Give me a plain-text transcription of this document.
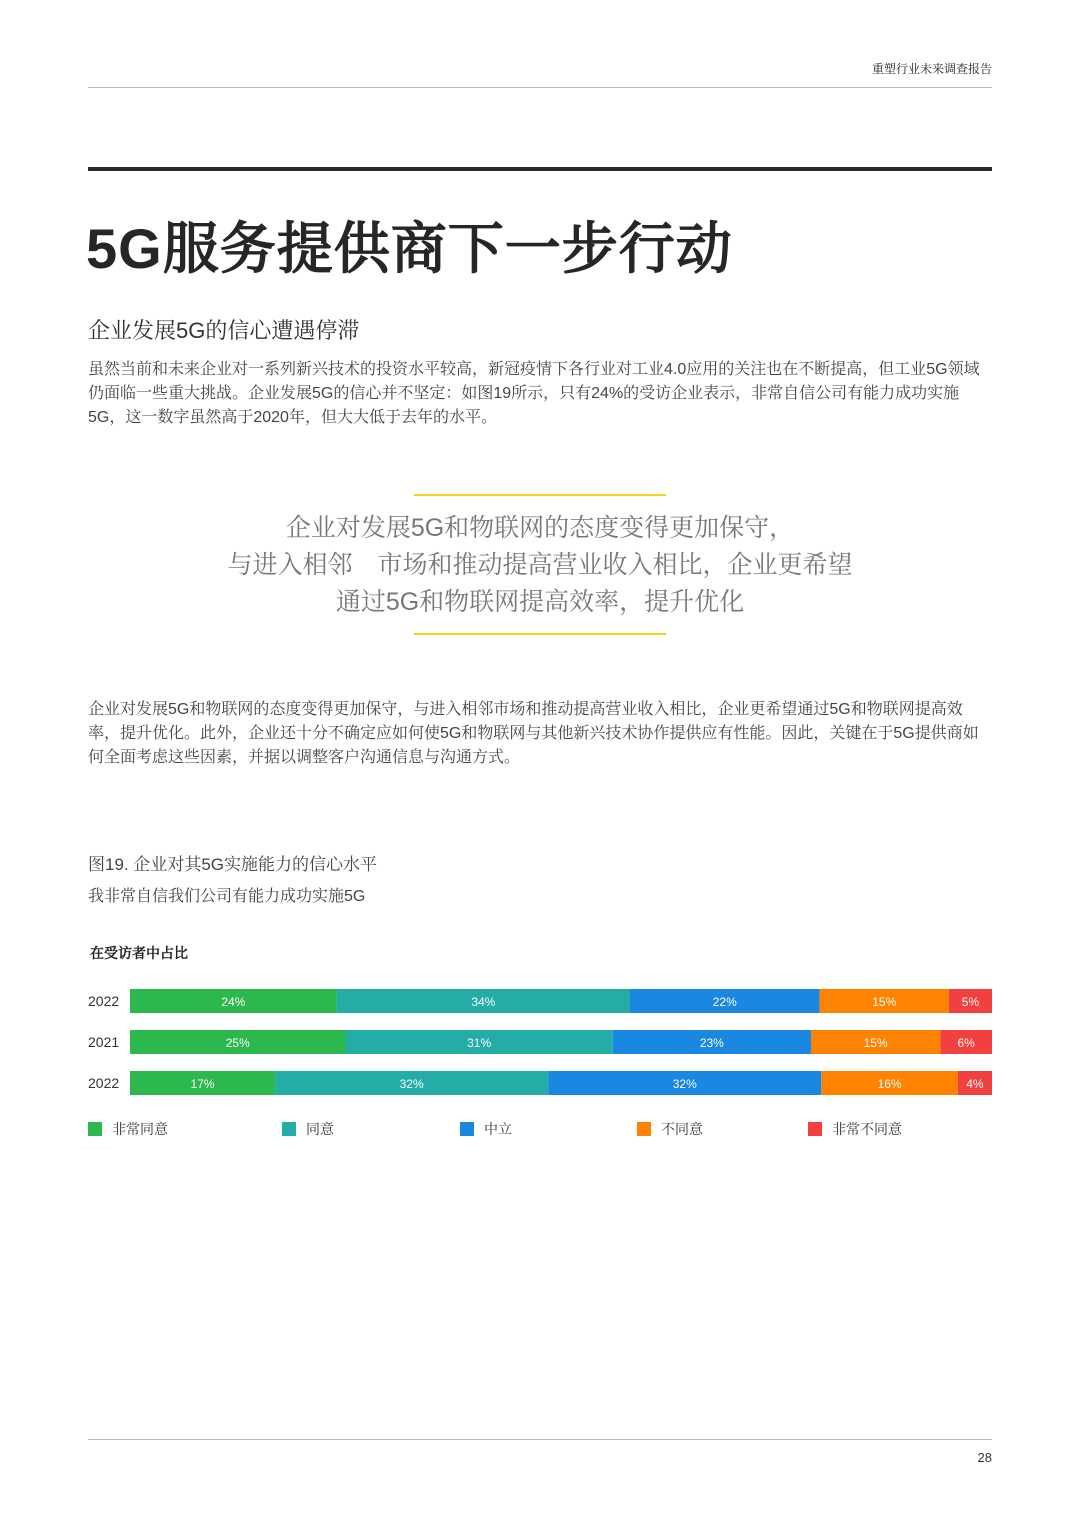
重塑行业未来调查报告
5G服务提供商下一步行动
企业发展5G的信心遭遇停滞
虽然当前和未来企业对一系列新兴技术的投资水平较高，新冠疫情下各行业对工业4.0应用的关注也在不断提高，但工业5G领域仍面临一些重大挑战。企业发展5G的信心并不坚定：如图19所示，只有24%的受访企业表示，非常自信公司有能力成功实施5G，这一数字虽然高于2020年，但大大低于去年的水平。
企业对发展5G和物联网的态度变得更加保守，
与进入相邻　市场和推动提高营业收入相比，企业更希望
通过5G和物联网提高效率，提升优化
企业对发展5G和物联网的态度变得更加保守，与进入相邻市场和推动提高营业收入相比，企业更希望通过5G和物联网提高效率，提升优化。此外，企业还十分不确定应如何使5G和物联网与其他新兴技术协作提供应有性能。因此，关键在于5G提供商如何全面考虑这些因素，并据以调整客户沟通信息与沟通方式。
图19. 企业对其5G实施能力的信心水平
我非常自信我们公司有能力成功实施5G
在受访者中占比
2022	24%	34%	22%	15%	5%
2021	25%	31%	23%	15%	6%
2022	17%	32%	32%	16%	4%
非常同意	同意	中立	不同意	非常不同意
28
